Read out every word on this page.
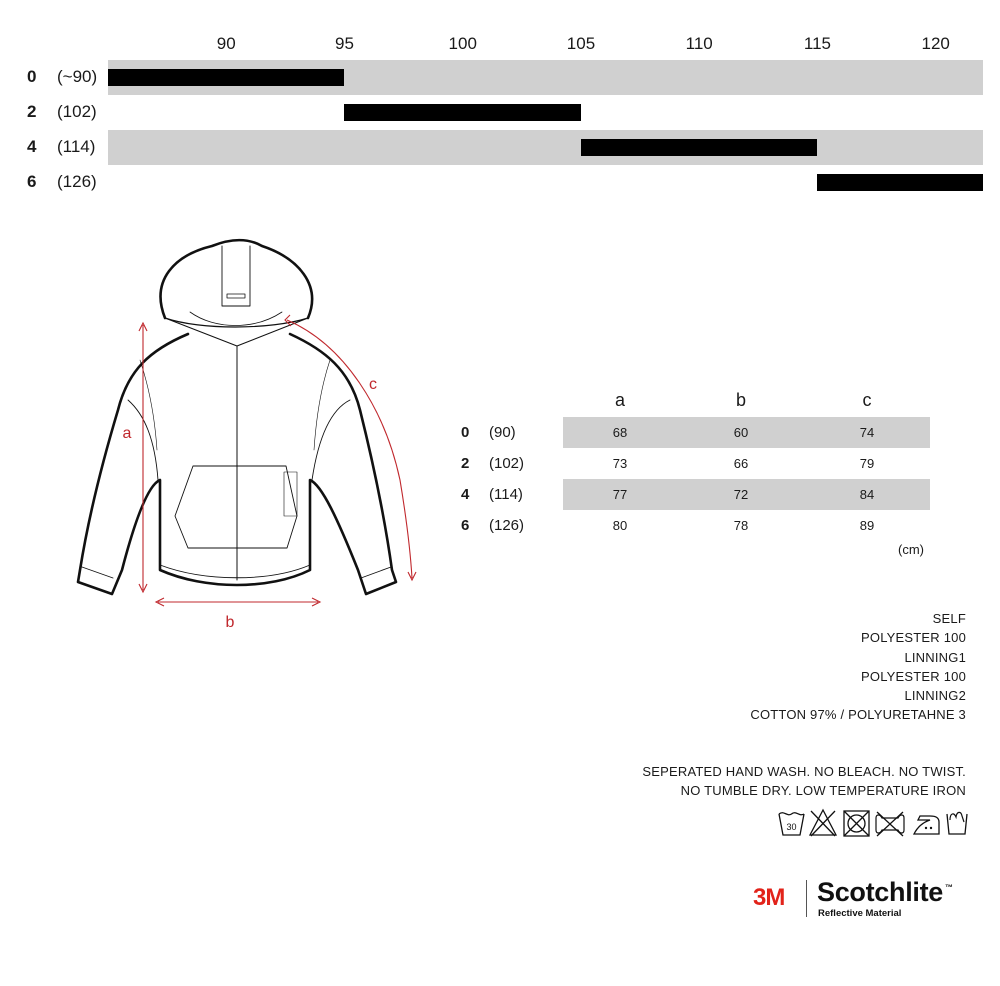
90	95	100	105	110	115	120
0 (~90)
2 (102)
4 (114)
6 (126)
a
b
c
a	b	c
0 (90)	68	60	74
2 (102)	73	66	79
4 (114)	77	72	84
6 (126)	80	78	89
(cm)
SELF
POLYESTER 100
LINNING1
POLYESTER 100
LINNING2
COTTON 97% / POLYURETAHNE 3
SEPERATED HAND WASH. NO BLEACH. NO TWIST.
NO TUMBLE DRY. LOW TEMPERATURE IRON
30
3M Scotchlite ™
Reflective Material
